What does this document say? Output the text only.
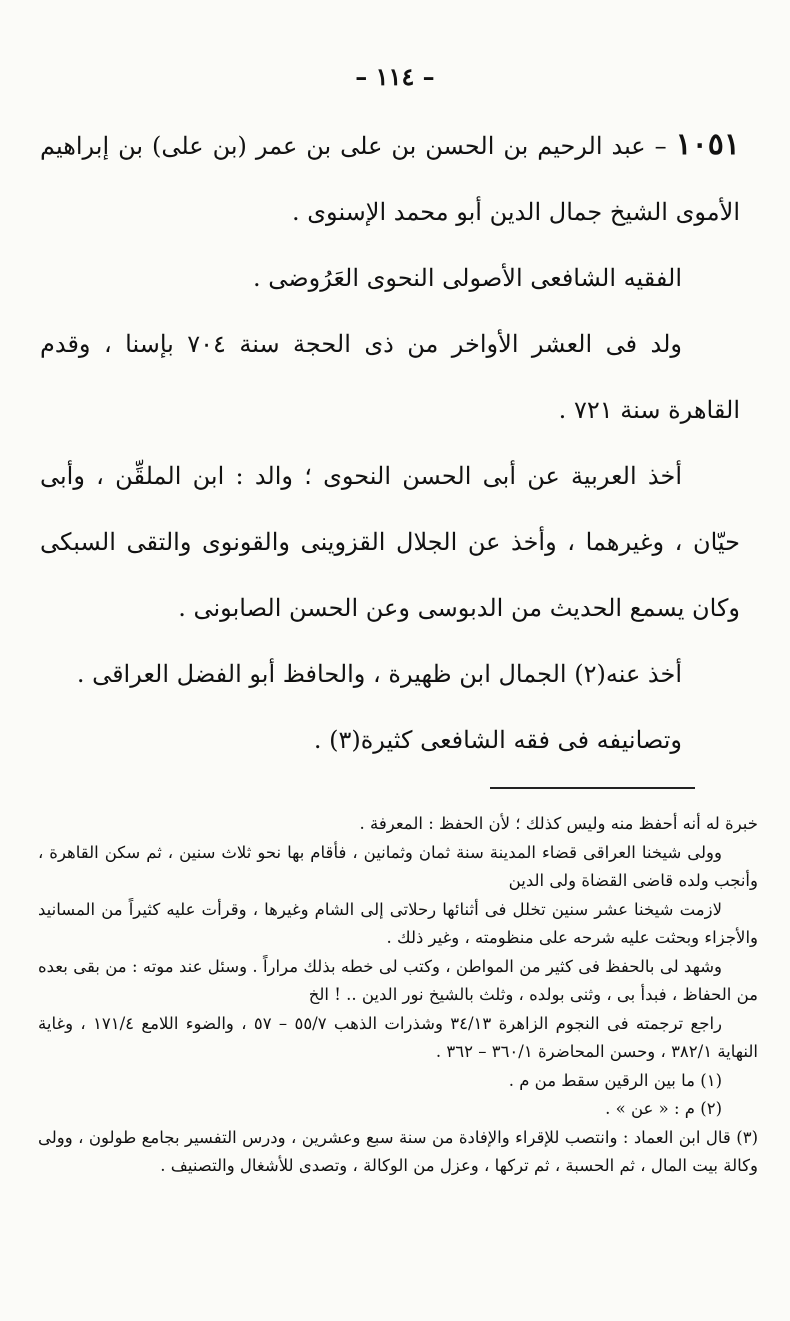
– ١١٤ –

١٠٥١ – عبد الرحيم بن الحسن بن على بن عمر (بن على) بن إبراهيم الأموى الشيخ جمال الدين أبو محمد الإسنوى .

الفقيه الشافعى الأصولى النحوى العَرُوضى .

ولد فى العشر الأواخر من ذى الحجة سنة ٧٠٤ بإسنا ، وقدم القاهرة سنة ٧٢١ .

أخذ العربية عن أبى الحسن النحوى ؛ والد : ابن الملقِّن ، وأبى حيّان ، وغيرهما ، وأخذ عن الجلال القزوينى والقونوى والتقى السبكى وكان يسمع الحديث من الدبوسى وعن الحسن الصابونى .

أخذ عنه(٢) الجمال ابن ظهيرة ، والحافظ أبو الفضل العراقى .

وتصانيفه فى فقه الشافعى كثيرة(٣) .

خبرة له أنه أحفظ منه وليس كذلك ؛ لأن الحفظ : المعرفة .

وولى شيخنا العراقى قضاء المدينة سنة ثمان وثمانين ، فأقام بها نحو ثلاث سنين ، ثم سكن القاهرة ، وأنجب ولده قاضى القضاة ولى الدين

لازمت شيخنا عشر سنين تخلل فى أثنائها رحلاتى إلى الشام وغيرها ، وقرأت عليه كثيراً من المسانيد والأجزاء وبحثت عليه شرحه على منظومته ، وغير ذلك .

وشهد لى بالحفظ فى كثير من المواطن ، وكتب لى خطه بذلك مراراً . وسئل عند موته : من بقى بعده من الحفاظ ، فبدأ بى ، وثنى بولده ، وثلث بالشيخ نور الدين .. ! الخ

راجع ترجمته فى النجوم الزاهرة ٣٤/١٣ وشذرات الذهب ٥٥/٧ – ٥٧ ، والضوء اللامع ١٧١/٤ ، وغاية النهاية ٣٨٢/١ ، وحسن المحاضرة ٣٦٠/١ – ٣٦٢ .

(١) ما بين الرقين سقط من م .

(٢) م : « عن » .

(٣) قال ابن العماد : وانتصب للإقراء والإفادة من سنة سبع وعشرين ، ودرس التفسير بجامع طولون ، وولى وكالة بيت المال ، ثم الحسبة ، ثم تركها ، وعزل من الوكالة ، وتصدى للأشغال والتصنيف .
